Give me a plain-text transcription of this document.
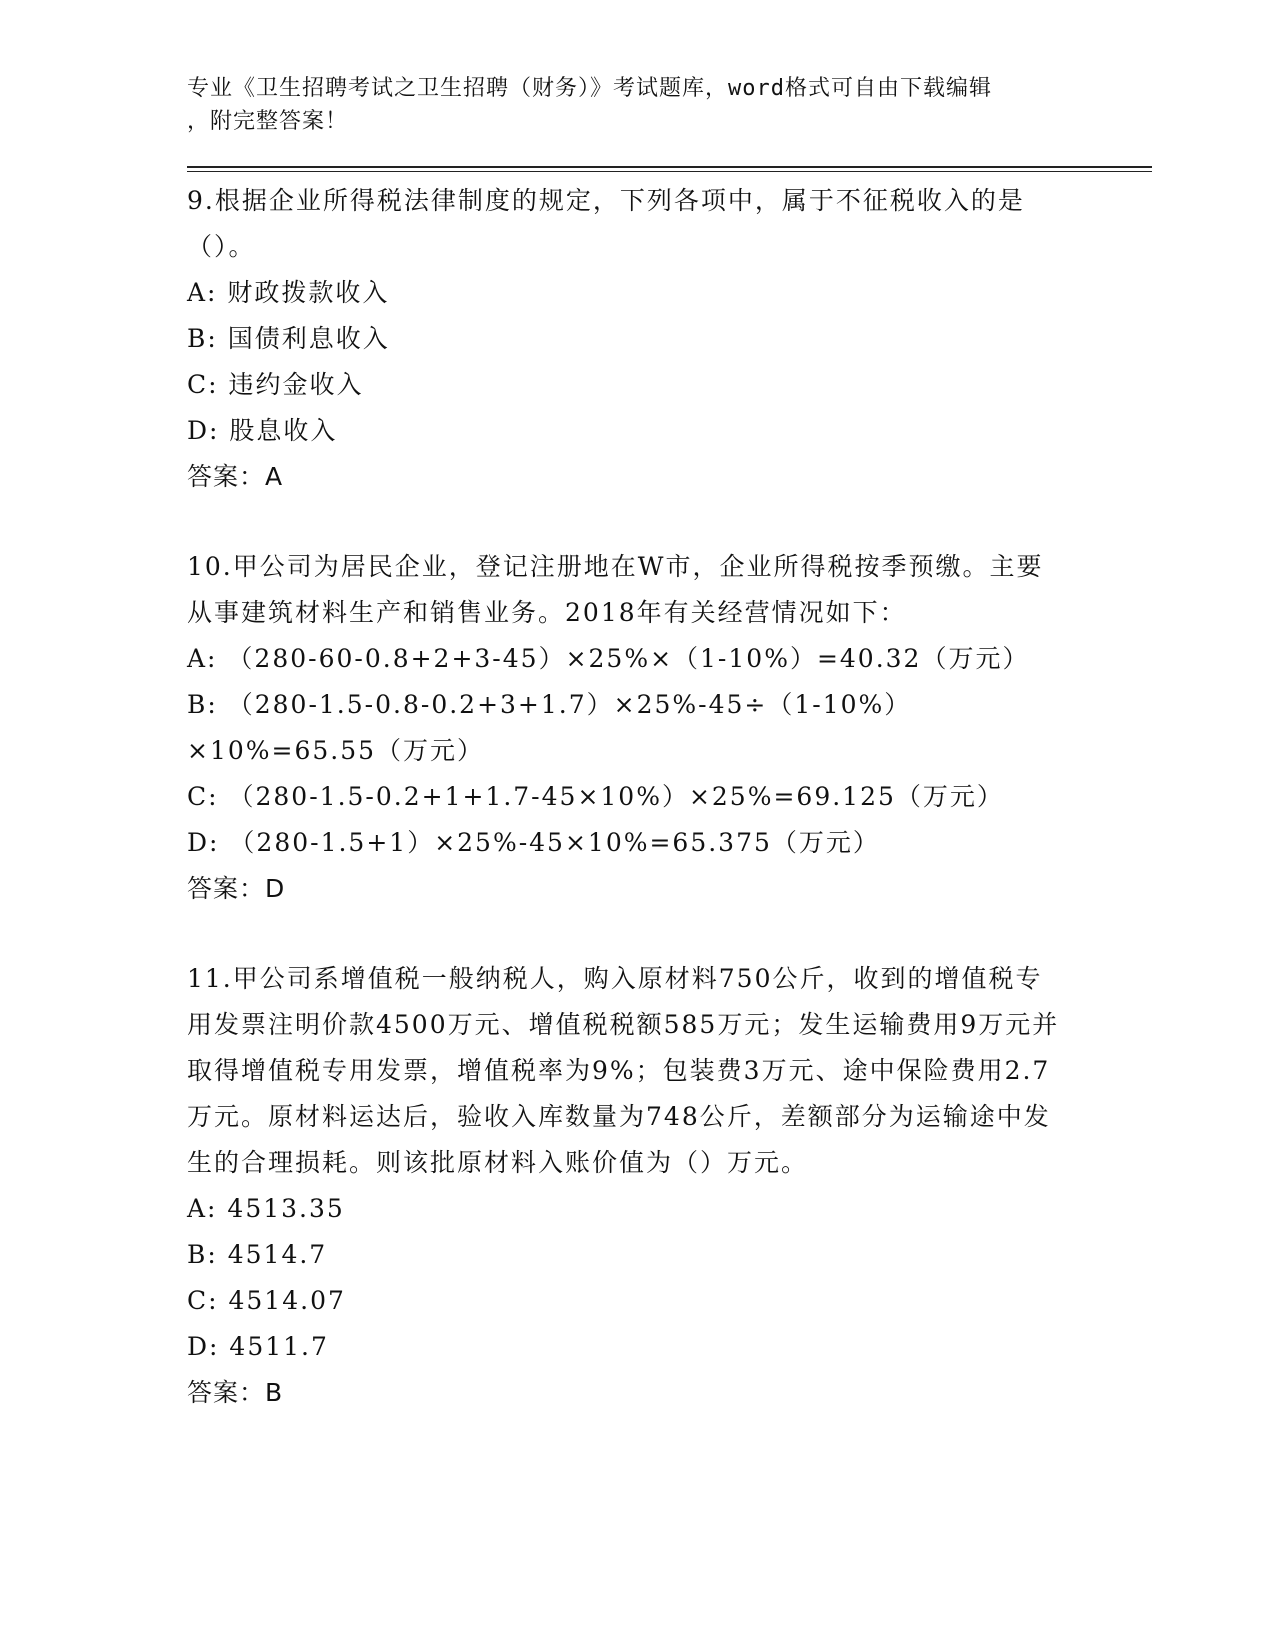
专业《卫生招聘考试之卫生招聘（财务）》考试题库，word格式可自由下载编辑
，附完整答案！
9.根据企业所得税法律制度的规定，下列各项中，属于不征税收入的是（）。
A: 财政拨款收入
B: 国债利息收入
C: 违约金收入
D: 股息收入
答案：A
10.甲公司为居民企业，登记注册地在W市，企业所得税按季预缴。主要从事建筑材料生产和销售业务。2018年有关经营情况如下：
A: （280-60-0.8+2+3-45）×25%×（1-10%）=40.32（万元）
B: （280-1.5-0.8-0.2+3+1.7）×25%-45÷（1-10%）×10%=65.55（万元）
C: （280-1.5-0.2+1+1.7-45×10%）×25%=69.125（万元）
D: （280-1.5+1）×25%-45×10%=65.375（万元）
答案：D
11.甲公司系增值税一般纳税人，购入原材料750公斤，收到的增值税专用发票注明价款4500万元、增值税税额585万元；发生运输费用9万元并取得增值税专用发票，增值税率为9%；包装费3万元、途中保险费用2.7万元。原材料运达后，验收入库数量为748公斤，差额部分为运输途中发生的合理损耗。则该批原材料入账价值为（）万元。
A: 4513.35
B: 4514.7
C: 4514.07
D: 4511.7
答案：B
